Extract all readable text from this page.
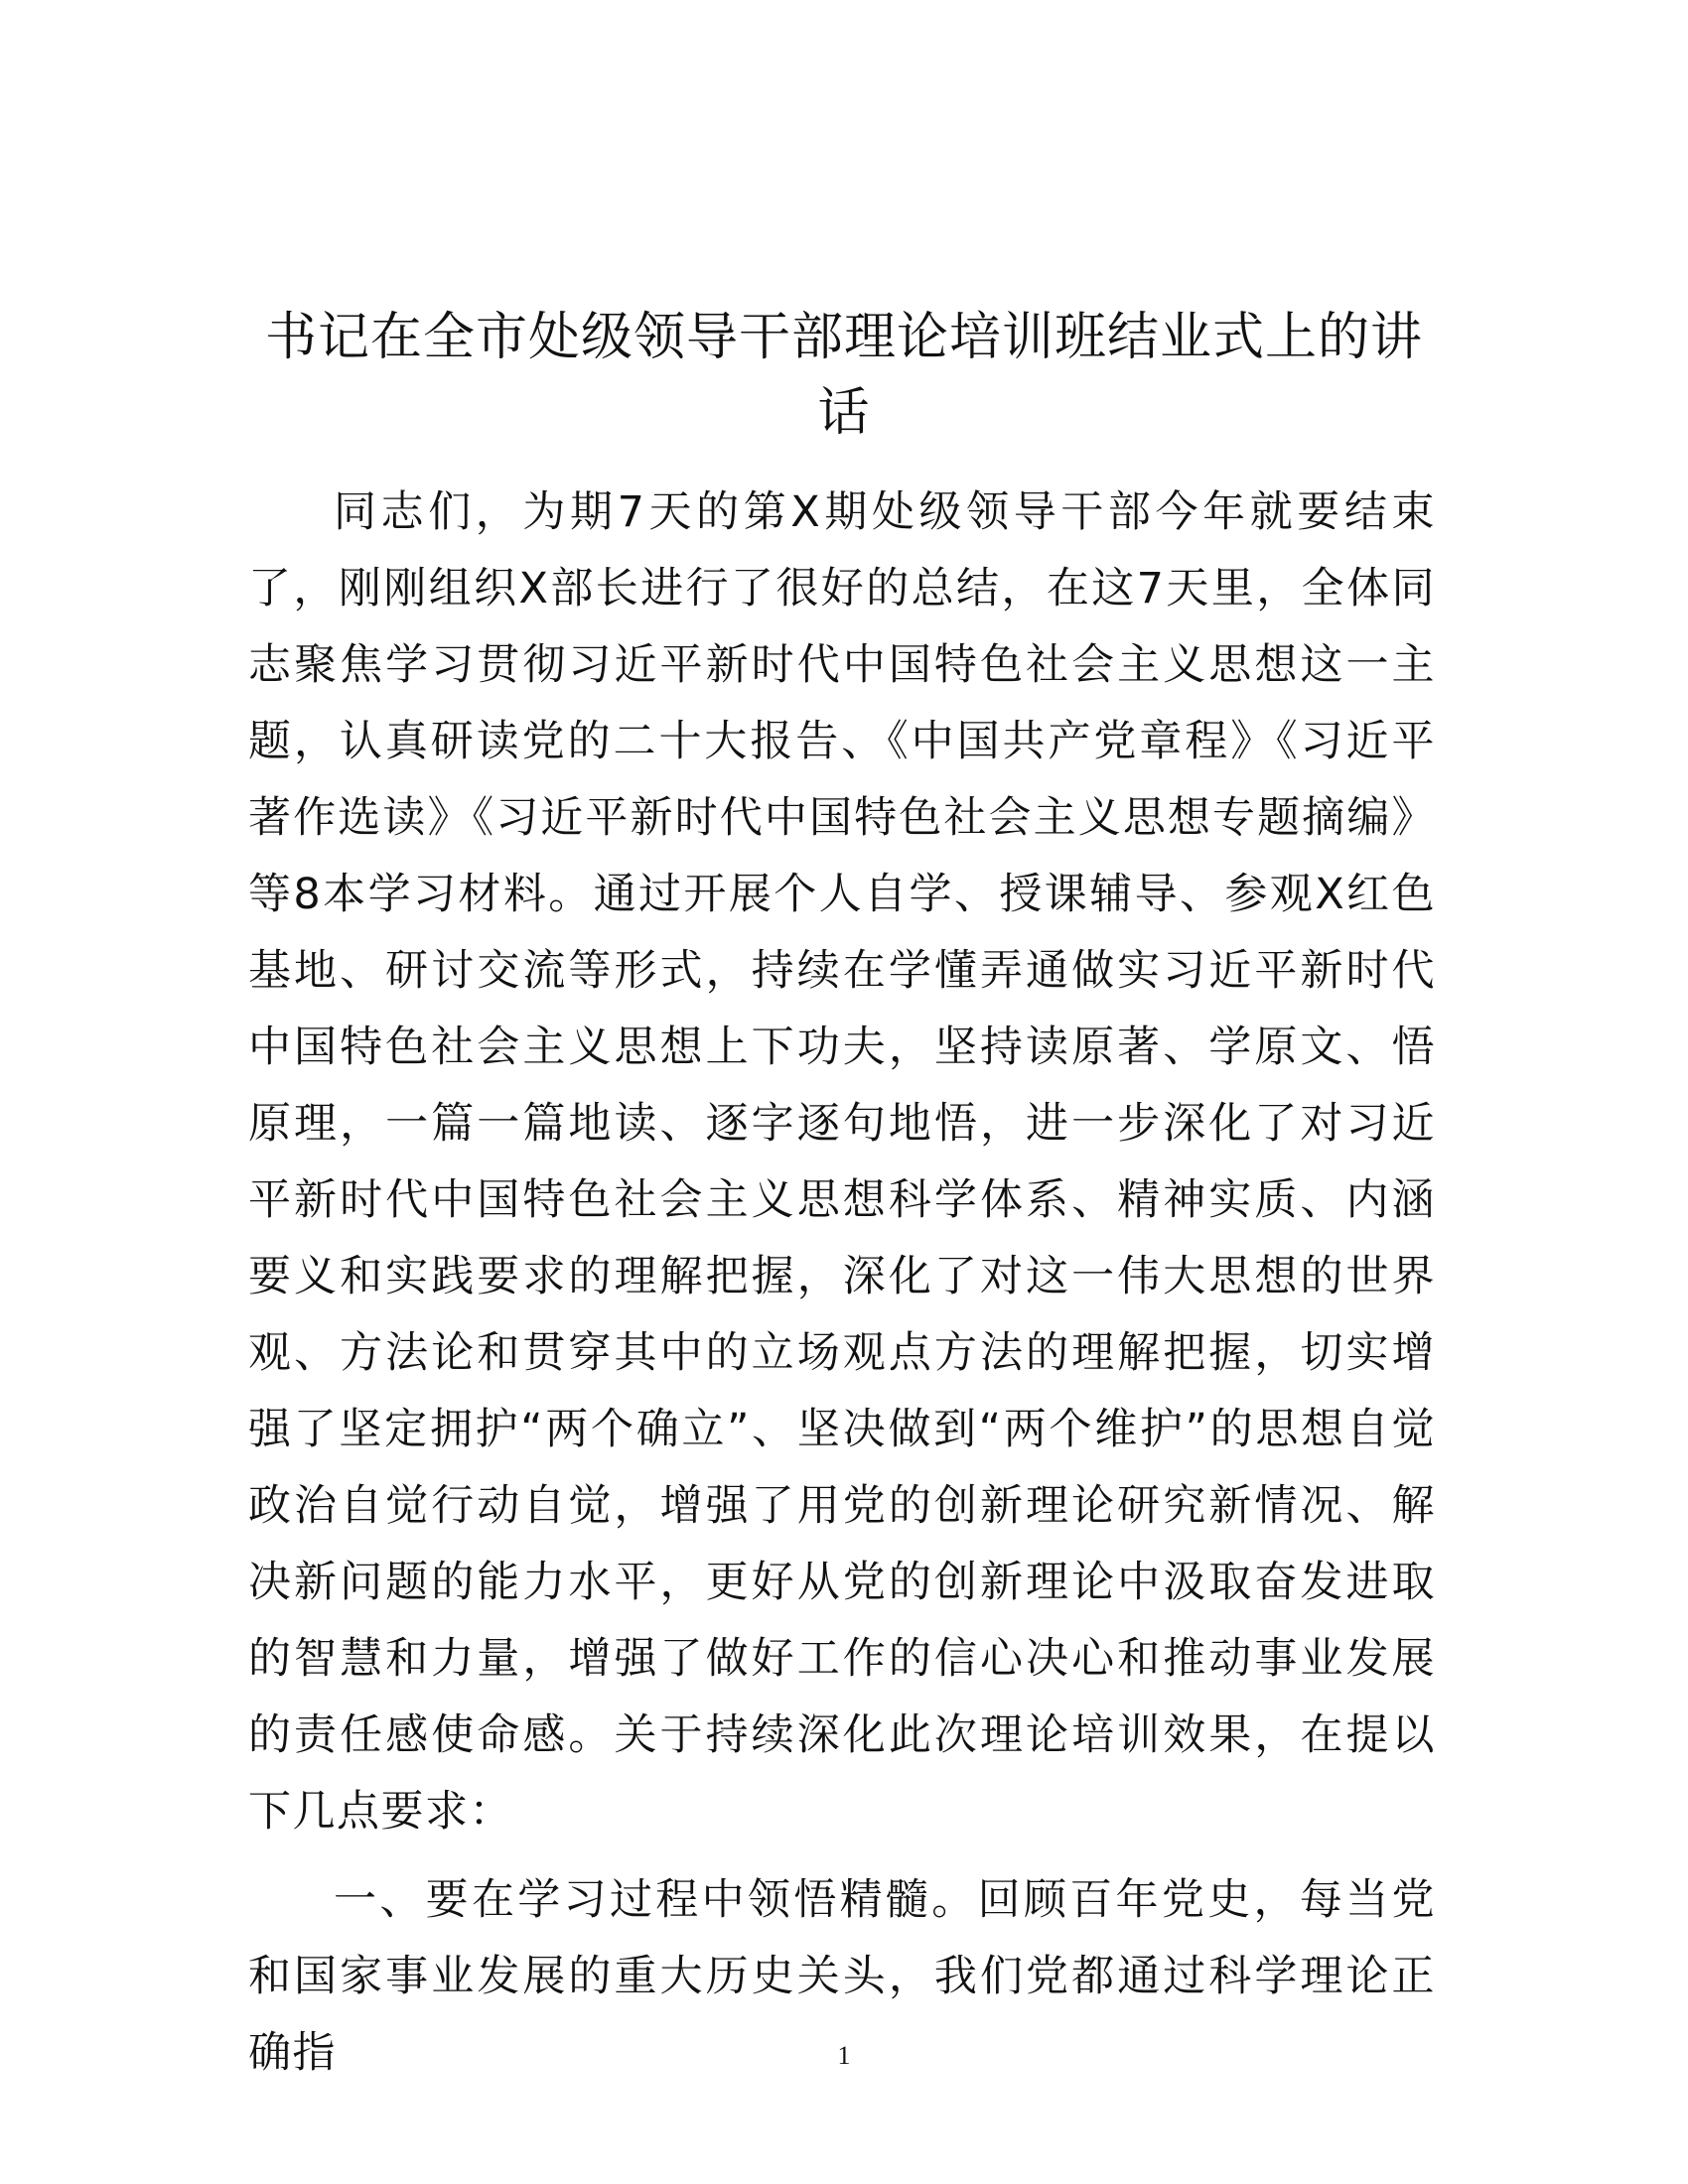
书记在全市处级领导干部理论培训班结业式上的讲话

同志们，为期7天的第X期处级领导干部今年就要结束了，刚刚组织X部长进行了很好的总结，在这7天里，全体同志聚焦学习贯彻习近平新时代中国特色社会主义思想这一主题，认真研读党的二十大报告、《中国共产党章程》《习近平著作选读》《习近平新时代中国特色社会主义思想专题摘编》等8本学习材料。通过开展个人自学、授课辅导、参观X红色基地、研讨交流等形式，持续在学懂弄通做实习近平新时代中国特色社会主义思想上下功夫，坚持读原著、学原文、悟原理，一篇一篇地读、逐字逐句地悟，进一步深化了对习近平新时代中国特色社会主义思想科学体系、精神实质、内涵要义和实践要求的理解把握，深化了对这一伟大思想的世界观、方法论和贯穿其中的立场观点方法的理解把握，切实增强了坚定拥护“两个确立”、坚决做到“两个维护”的思想自觉政治自觉行动自觉，增强了用党的创新理论研究新情况、解决新问题的能力水平，更好从党的创新理论中汲取奋发进取的智慧和力量，增强了做好工作的信心决心和推动事业发展的责任感使命感。关于持续深化此次理论培训效果，在提以下几点要求：

一、要在学习过程中领悟精髓。回顾百年党史，每当党和国家事业发展的重大历史关头，我们党都通过科学理论正确指	1
